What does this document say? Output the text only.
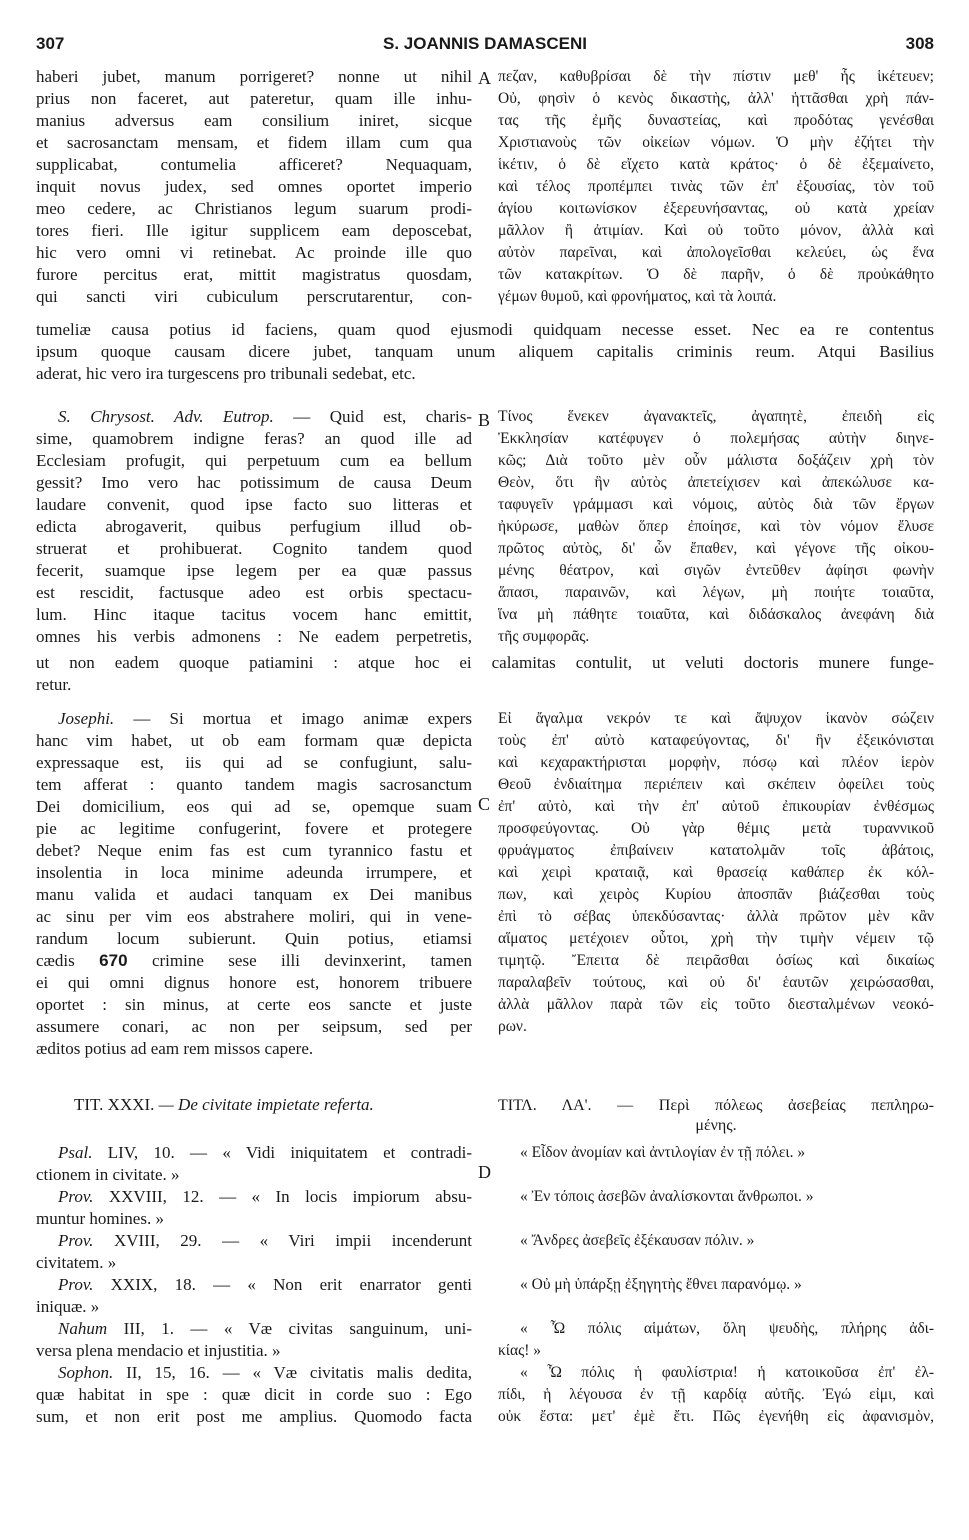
307	S. JOANNIS DAMASCENI	308
A
haberi jubet, manum porrigeret? nonne ut nihil
prius non faceret, aut pateretur, quam ille inhu-
manius adversus eam consilium iniret, sicque
et sacrosanctam mensam, et fidem illam cum qua
supplicabat, contumelia afficeret? Nequaquam,
inquit novus judex, sed omnes oportet imperio
meo cedere, ac Christianos legum suarum prodi-
tores fieri. Ille igitur supplicem eam deposcebat,
hic vero omni vi retinebat. Ac proinde ille quo
furore percitus erat, mittit magistratus quosdam,
qui sancti viri cubiculum perscrutarentur, con-
πεζαν, καθυβρίσαι δὲ τὴν πίστιν μεθ' ἧς ἱκέτευεν;
Οὐ, φησὶν ὁ κενὸς δικαστὴς, ἀλλ' ἡττᾶσθαι χρὴ πάν-
τας τῆς ἐμῆς δυναστείας, καὶ προδότας γενέσθαι
Χριστιανοὺς τῶν οἰκείων νόμων. Ὁ μὴν ἐζήτει τὴν
ἱκέτιν, ὁ δὲ εἴχετο κατὰ κράτος· ὁ δὲ ἐξεμαίνετο,
καὶ τέλος προπέμπει τινὰς τῶν ἐπ' ἐξουσίας, τὸν τοῦ
ἁγίου κοιτωνίσκον ἐξερευνήσαντας, οὐ κατὰ χρείαν
μᾶλλον ἢ ἀτιμίαν. Καὶ οὐ τοῦτο μόνον, ἀλλὰ καὶ
αὐτὸν παρεῖναι, καὶ ἀπολογεῖσθαι κελεύει, ὡς ἕνα
τῶν κατακρίτων. Ὁ δὲ παρῆν, ὁ δὲ προὐκάθητο
γέμων θυμοῦ, καὶ φρονήματος, καὶ τὰ λοιπά.
tumeliæ causa potius id faciens, quam quod ejusmodi quidquam necesse esset. Nec ea re contentus
ipsum quoque causam dicere jubet, tanquam unum aliquem capitalis criminis reum. Atqui Basilius
aderat, hic vero ira turgescens pro tribunali sedebat, etc.
B
S. Chrysost. Adv. Eutrop. — Quid est, charis-
sime, quamobrem indigne feras? an quod ille ad
Ecclesiam profugit, qui perpetuum cum ea bellum
gessit? Imo vero hac potissimum de causa Deum
laudare convenit, quod ipse facto suo litteras et
edicta abrogaverit, quibus perfugium illud ob-
struerat et prohibuerat. Cognito tandem quod
fecerit, suamque ipse legem per ea quæ passus
est rescidit, factusque adeo est orbis spectacu-
lum. Hinc itaque tacitus vocem hanc emittit,
omnes his verbis admonens : Ne eadem perpetretis,
Τίνος ἕνεκεν ἀγανακτεῖς, ἀγαπητὲ, ἐπειδὴ εἰς
Ἐκκλησίαν κατέφυγεν ὁ πολεμήσας αὐτὴν διηνε-
κῶς; Διὰ τοῦτο μὲν οὖν μάλιστα δοξάζειν χρὴ τὸν
Θεὸν, ὅτι ἣν αὐτὸς ἀπετείχισεν καὶ ἀπεκώλυσε κα-
ταφυγεῖν γράμμασι καὶ νόμοις, αὐτὸς διὰ τῶν ἔργων
ἠκύρωσε, μαθὼν ὅπερ ἐποίησε, καὶ τὸν νόμον ἔλυσε
πρῶτος αὐτὸς, δι' ὧν ἔπαθεν, καὶ γέγονε τῆς οἰκου-
μένης θέατρον, καὶ σιγῶν ἐντεῦθεν ἀφίησι φωνὴν
ἅπασι, παραινῶν, καὶ λέγων, μὴ ποιήτε τοιαῦτα,
ἵνα μὴ πάθητε τοιαῦτα, καὶ διδάσκαλος ἀνεφάνη διὰ
τῆς συμφορᾶς.
ut non eadem quoque patiamini : atque hoc ei calamitas contulit, ut veluti doctoris munere funge-
retur.
C
Josephi. — Si mortua et imago animæ expers
hanc vim habet, ut ob eam formam quæ depicta
expressaque est, iis qui ad se confugiunt, salu-
tem afferat : quanto tandem magis sacrosanctum
Dei domicilium, eos qui ad se, opemque suam
pie ac legitime confugerint, fovere et protegere
debet? Neque enim fas est cum tyrannico fastu et
insolentia in loca minime adeunda irrumpere, et
manu valida et audaci tanquam ex Dei manibus
ac sinu per vim eos abstrahere moliri, qui in vene-
randum locum subierunt. Quin potius, etiamsi
cædis 670 crimine sese illi devinxerint, tamen
ei qui omni dignus honore est, honorem tribuere
oportet : sin minus, at certe eos sancte et juste
assumere conari, ac non per seipsum, sed per
æditos potius ad eam rem missos capere.
Εἰ ἄγαλμα νεκρόν τε καὶ ἄψυχον ἱκανὸν σώζειν
τοὺς ἐπ' αὐτὸ καταφεύγοντας, δι' ἣν ἐξεικόνισται
καὶ κεχαρακτήρισται μορφὴν, πόσῳ καὶ πλέον ἱερὸν
Θεοῦ ἐνδιαίτημα περιέπειν καὶ σκέπειν ὀφείλει τοὺς
ἐπ' αὐτὸ, καὶ τὴν ἐπ' αὐτοῦ ἐπικουρίαν ἐνθέσμως
προσφεύγοντας. Οὐ γὰρ θέμις μετὰ τυραννικοῦ
φρυάγματος ἐπιβαίνειν κατατολμᾶν τοῖς ἀβάτοις,
καὶ χειρὶ κραταιᾷ, καὶ θρασείᾳ καθάπερ ἐκ κόλ-
πων, καὶ χειρὸς Κυρίου ἀποσπᾶν βιάζεσθαι τοὺς
ἐπὶ τὸ σέβας ὑπεκδύσαντας· ἀλλὰ πρῶτον μὲν κἂν
αἵματος μετέχοιεν οὗτοι, χρὴ τὴν τιμὴν νέμειν τῷ
τιμητῷ. Ἔπειτα δὲ πειρᾶσθαι ὁσίως καὶ δικαίως
παραλαβεῖν τούτους, καὶ οὐ δι' ἑαυτῶν χειρώσασθαι,
ἀλλὰ μᾶλλον παρὰ τῶν εἰς τοῦτο διεσταλμένων νεοκό-
ρων.
TIT. XXXI. — De civitate impietate referta.	ΤΙΤΛ. ΛΑ'. — Περὶ πόλεως ἀσεβείας πεπληρω-
μένης.
D
Psal. LIV, 10. — « Vidi iniquitatem et contradi-
ctionem in civitate. »
Prov. XXVIII, 12. — « In locis impiorum absu-
muntur homines. »
Prov. XVIII, 29. — « Viri impii incenderunt
civitatem. »
Prov. XXIX, 18. — « Non erit enarrator genti
iniquæ. »
Nahum III, 1. — « Væ civitas sanguinum, uni-
versa plena mendacio et injustitia. »
Sophon. II, 15, 16. — « Væ civitatis malis dedita,
quæ habitat in spe : quæ dicit in corde suo : Ego
sum, et non erit post me amplius. Quomodo facta
« Εἶδον ἀνομίαν καὶ ἀντιλογίαν ἐν τῇ πόλει. »
« Ἐν τόποις ἀσεβῶν ἀναλίσκονται ἄνθρωποι. »
« Ἄνδρες ἀσεβεῖς ἐξέκαυσαν πόλιν. »
« Οὐ μὴ ὑπάρξῃ ἐξηγητὴς ἔθνει παρανόμῳ. »
« Ὦ πόλις αἱμάτων, ὅλη ψευδὴς, πλήρης ἀδι-
κίας! »
« Ὦ πόλις ἡ φαυλίστρια! ἡ κατοικοῦσα ἐπ' ἐλ-
πίδι, ἡ λέγουσα ἐν τῇ καρδίᾳ αὐτῆς. Ἐγώ εἰμι, καὶ
οὐκ ἔστα: μετ' ἐμὲ ἔτι. Πῶς ἐγενήθη εἰς ἀφανισμὸν,
